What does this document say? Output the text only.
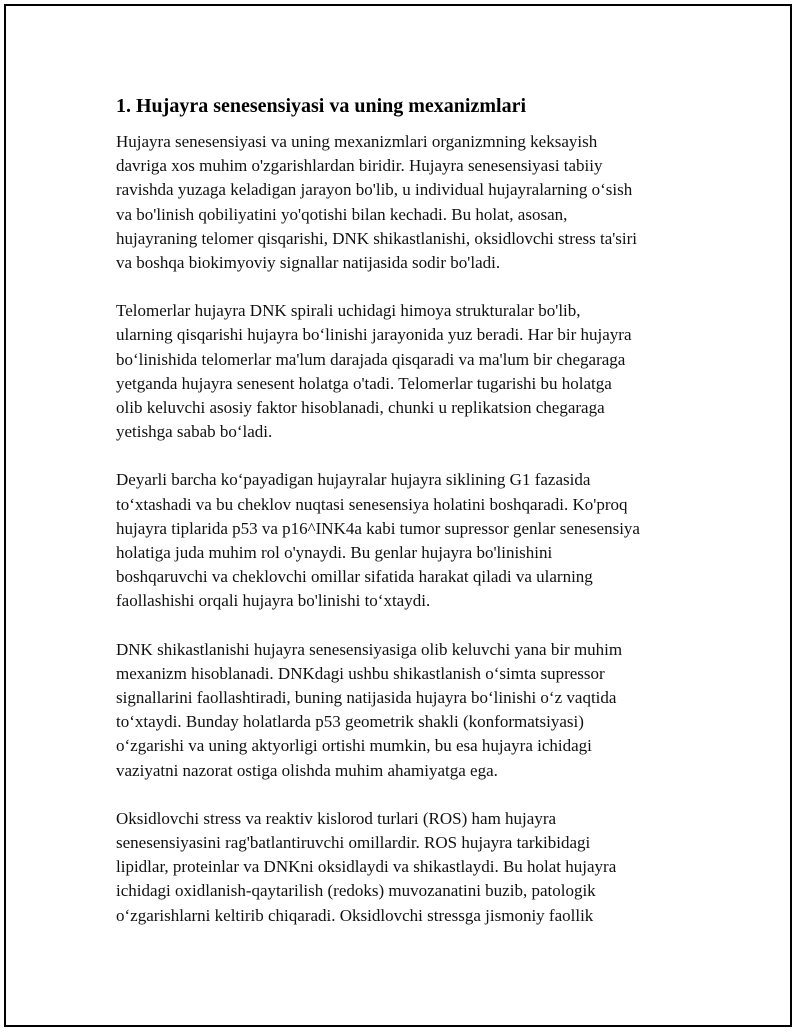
1. Hujayra senesensiyasi va uning mexanizmlari

Hujayra senesensiyasi va uning mexanizmlari organizmning keksayish
davriga xos muhim o'zgarishlardan biridir. Hujayra senesensiyasi tabiiy
ravishda yuzaga keladigan jarayon bo'lib, u individual hujayralarning o‘sish
va bo'linish qobiliyatini yo'qotishi bilan kechadi. Bu holat, asosan,
hujayraning telomer qisqarishi, DNK shikastlanishi, oksidlovchi stress ta'siri
va boshqa biokimyoviy signallar natijasida sodir bo'ladi.

Telomerlar hujayra DNK spirali uchidagi himoya strukturalar bo'lib,
ularning qisqarishi hujayra bo‘linishi jarayonida yuz beradi. Har bir hujayra
bo‘linishida telomerlar ma'lum darajada qisqaradi va ma'lum bir chegaraga
yetganda hujayra senesent holatga o'tadi. Telomerlar tugarishi bu holatga
olib keluvchi asosiy faktor hisoblanadi, chunki u replikatsion chegaraga
yetishga sabab bo‘ladi.

Deyarli barcha ko‘payadigan hujayralar hujayra siklining G1 fazasida
to‘xtashadi va bu cheklov nuqtasi senesensiya holatini boshqaradi. Ko'proq
hujayra tiplarida p53 va p16^INK4a kabi tumor supressor genlar senesensiya
holatiga juda muhim rol o'ynaydi. Bu genlar hujayra bo'linishini
boshqaruvchi va cheklovchi omillar sifatida harakat qiladi va ularning
faollashishi orqali hujayra bo'linishi to‘xtaydi.

DNK shikastlanishi hujayra senesensiyasiga olib keluvchi yana bir muhim
mexanizm hisoblanadi. DNKdagi ushbu shikastlanish o‘simta supressor
signallarini faollashtiradi, buning natijasida hujayra bo‘linishi o‘z vaqtida
to‘xtaydi. Bunday holatlarda p53 geometrik shakli (konformatsiyasi)
o‘zgarishi va uning aktyorligi ortishi mumkin, bu esa hujayra ichidagi
vaziyatni nazorat ostiga olishda muhim ahamiyatga ega.

Oksidlovchi stress va reaktiv kislorod turlari (ROS) ham hujayra
senesensiyasini rag'batlantiruvchi omillardir. ROS hujayra tarkibidagi
lipidlar, proteinlar va DNKni oksidlaydi va shikastlaydi. Bu holat hujayra
ichidagi oxidlanish-qaytarilish (redoks) muvozanatini buzib, patologik
o‘zgarishlarni keltirib chiqaradi. Oksidlovchi stressga jismoniy faollik
